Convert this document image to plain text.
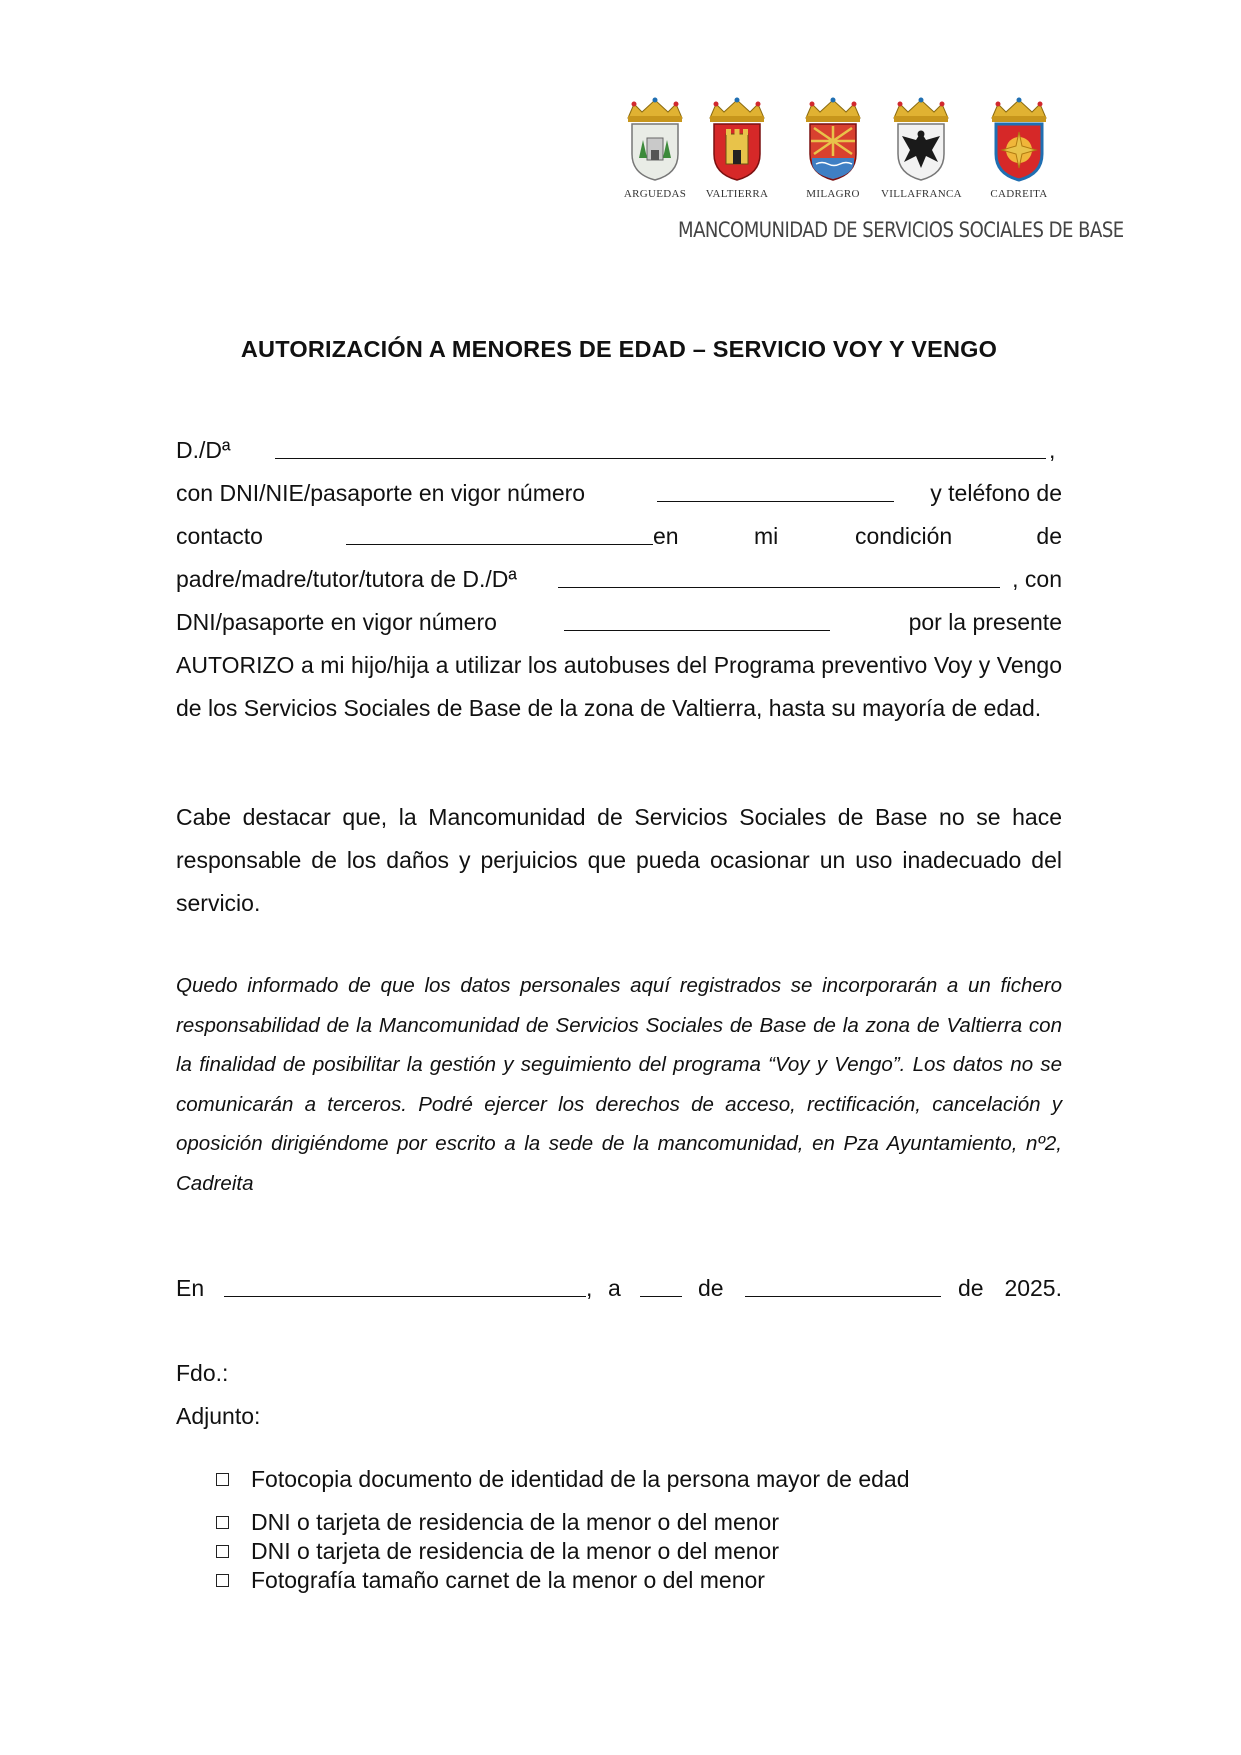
ARGUEDAS	VALTIERRA	MILAGRO	VILLAFRANCA	CADREITA
MANCOMUNIDAD DE SERVICIOS SOCIALES DE BASE
AUTORIZACIÓN A MENORES DE EDAD – SERVICIO VOY Y VENGO
D./Dª	,
con DNI/NIE/pasaporte en vigor número	y teléfono de
contacto	en	mi	condición	de
padre/madre/tutor/tutora de D./Dª	, con
DNI/pasaporte en vigor número	por la presente
AUTORIZO a mi hijo/hija a utilizar los autobuses del Programa preventivo Voy y Vengo de los Servicios Sociales de Base de la zona de Valtierra, hasta su mayoría de edad.
Cabe destacar que, la Mancomunidad de Servicios Sociales de Base no se hace responsable de los daños y perjuicios que pueda ocasionar un uso inadecuado del servicio.
Quedo informado de que los datos personales aquí registrados se incorporarán a un fichero responsabilidad de la Mancomunidad de Servicios Sociales de Base de la zona de Valtierra con la finalidad de posibilitar la gestión y seguimiento del programa “Voy y Vengo”. Los datos no se comunicarán a terceros. Podré ejercer los derechos de acceso, rectificación, cancelación y oposición dirigiéndome por escrito a la sede de la mancomunidad, en Pza Ayuntamiento, nº2, Cadreita
En	, a	de	de 2025.
Fdo.:
Adjunto:
Fotocopia documento de identidad de la persona mayor de edad
DNI o tarjeta de residencia de la menor o del menor
DNI o tarjeta de residencia de la menor o del menor
Fotografía tamaño carnet de la menor o del menor
